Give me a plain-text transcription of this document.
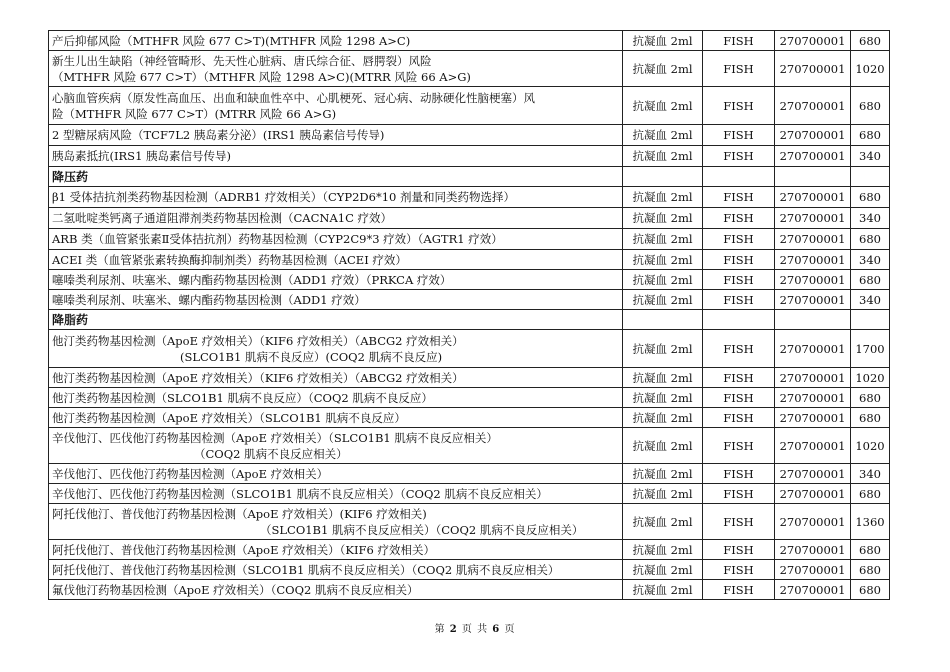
产后抑郁风险（MTHFR 风险 677 C>T)(MTHFR 风险 1298 A>C)	抗凝血 2ml	FISH	270700001	680

新生儿出生缺陷（神经管畸形、先天性心脏病、唐氏综合征、唇腭裂）风险
（MTHFR 风险 677 C>T）（MTHFR 风险 1298 A>C)(MTRR 风险 66 A>G)	抗凝血 2ml	FISH	270700001	1020

心脑血管疾病（原发性高血压、出血和缺血性卒中、心肌梗死、冠心病、动脉硬化性脑梗塞）风
险（MTHFR 风险 677 C>T）(MTRR 风险 66 A>G)	抗凝血 2ml	FISH	270700001	680

2 型糖尿病风险（TCF7L2 胰岛素分泌）(IRS1 胰岛素信号传导)	抗凝血 2ml	FISH	270700001	680

胰岛素抵抗(IRS1 胰岛素信号传导)	抗凝血 2ml	FISH	270700001	340

降压药				

β1 受体拮抗剂类药物基因检测（ADRB1 疗效相关）（CYP2D6*10 剂量和同类药物选择）	抗凝血 2ml	FISH	270700001	680

二氢吡啶类钙离子通道阻滞剂类药物基因检测（CACNA1C 疗效）	抗凝血 2ml	FISH	270700001	340

ARB 类（血管紧张素Ⅱ受体拮抗剂）药物基因检测（CYP2C9*3 疗效）（AGTR1 疗效）	抗凝血 2ml	FISH	270700001	680

ACEI 类（血管紧张素转换酶抑制剂类）药物基因检测（ACEI 疗效）	抗凝血 2ml	FISH	270700001	340

噻嗪类利尿剂、呋塞米、螺内酯药物基因检测（ADD1 疗效）（PRKCA 疗效）	抗凝血 2ml	FISH	270700001	680

噻嗪类利尿剂、呋塞米、螺内酯药物基因检测（ADD1 疗效）	抗凝血 2ml	FISH	270700001	340

降脂药				

他汀类药物基因检测（ApoE 疗效相关）（KIF6 疗效相关）（ABCG2 疗效相关）
(SLCO1B1 肌病不良反应）(COQ2 肌病不良反应)	抗凝血 2ml	FISH	270700001	1700

他汀类药物基因检测（ApoE 疗效相关）（KIF6 疗效相关）（ABCG2 疗效相关）	抗凝血 2ml	FISH	270700001	1020

他汀类药物基因检测（SLCO1B1 肌病不良反应）（COQ2 肌病不良反应）	抗凝血 2ml	FISH	270700001	680

他汀类药物基因检测（ApoE 疗效相关）（SLCO1B1 肌病不良反应）	抗凝血 2ml	FISH	270700001	680

辛伐他汀、匹伐他汀药物基因检测（ApoE 疗效相关）（SLCO1B1 肌病不良反应相关）
（COQ2 肌病不良反应相关）	抗凝血 2ml	FISH	270700001	1020

辛伐他汀、匹伐他汀药物基因检测（ApoE 疗效相关）	抗凝血 2ml	FISH	270700001	340

辛伐他汀、匹伐他汀药物基因检测（SLCO1B1 肌病不良反应相关）（COQ2 肌病不良反应相关）	抗凝血 2ml	FISH	270700001	680

阿托伐他汀、普伐他汀药物基因检测（ApoE 疗效相关）(KIF6 疗效相关)
（SLCO1B1 肌病不良反应相关）（COQ2 肌病不良反应相关）	抗凝血 2ml	FISH	270700001	1360

阿托伐他汀、普伐他汀药物基因检测（ApoE 疗效相关）（KIF6 疗效相关）	抗凝血 2ml	FISH	270700001	680

阿托伐他汀、普伐他汀药物基因检测（SLCO1B1 肌病不良反应相关）（COQ2 肌病不良反应相关）	抗凝血 2ml	FISH	270700001	680

氟伐他汀药物基因检测（ApoE 疗效相关）（COQ2 肌病不良反应相关）	抗凝血 2ml	FISH	270700001	680
第 2 页 共 6 页
